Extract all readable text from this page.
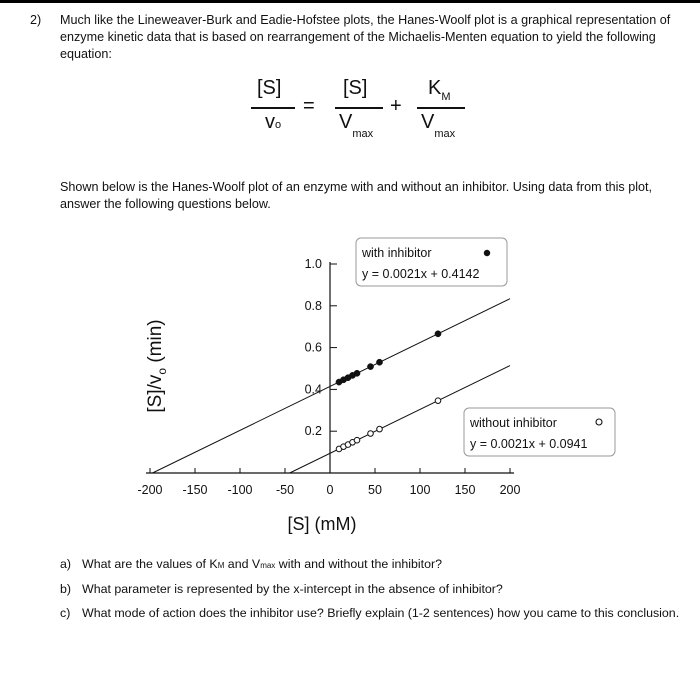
2) Much like the Lineweaver-Burk and Eadie-Hofstee plots, the Hanes-Woolf plot is a graphical representation of enzyme kinetic data that is based on rearrangement of the Michaelis-Menten equation to yield the following equation:
[S]
vo
=
[S]
$V_{max}$
+
$K_M$
$V_{max}$
Shown below is the Hanes-Woolf plot of an enzyme with and without an inhibitor. Using data from this plot, answer the following questions below.
-200 -150 -100 -50	0	50 100 150 200
0.2
0.4
0.6
0.8
1.0
$[S]/v_o$ (min)
[S] (mM)
with inhibitor
y = 0.0021x + 0.4142
without inhibitor
y = 0.0021x + 0.0941
a) What are the values of KM and Vmax with and without the inhibitor?
b) What parameter is represented by the x-intercept in the absence of inhibitor?
c) What mode of action does the inhibitor use? Briefly explain (1-2 sentences) how you came to this conclusion.
